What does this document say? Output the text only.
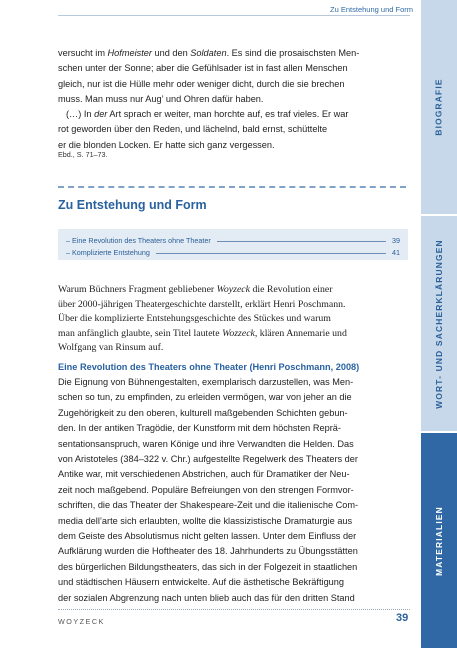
Zu Entstehung und Form
versucht im Hofmeister und den Soldaten. Es sind die prosaischsten Men-
schen unter der Sonne; aber die Gefühlsader ist in fast allen Menschen
gleich, nur ist die Hülle mehr oder weniger dicht, durch die sie brechen
muss. Man muss nur Aug’ und Ohren dafür haben.
(…) In der Art sprach er weiter, man horchte auf, es traf vieles. Er war
rot geworden über den Reden, und lächelnd, bald ernst, schüttelte
er die blonden Locken. Er hatte sich ganz vergessen.
Ebd., S. 71–73.
Zu Entstehung und Form
– Eine Revolution des Theaters ohne Theater	39
– Komplizierte Entstehung	41
Warum Büchners Fragment gebliebener Woyzeck die Revolution einer
über 2000-jährigen Theatergeschichte darstellt, erklärt Henri Poschmann.
Über die komplizierte Entstehungsgeschichte des Stückes und warum
man anfänglich glaubte, sein Titel lautete Wozzeck, klären Annemarie und
Wolfgang van Rinsum auf.
Eine Revolution des Theaters ohne Theater (Henri Poschmann, 2008)
Die Eignung von Bühnengestalten, exemplarisch darzustellen, was Men-
schen so tun, zu empfinden, zu erleiden vermögen, war von jeher an die
Zugehörigkeit zu den oberen, kulturell maßgebenden Schichten gebun-
den. In der antiken Tragödie, der Kunstform mit dem höchsten Reprä-
sentationsanspruch, waren Könige und ihre Verwandten die Helden. Das
von Aristoteles (384–322 v. Chr.) aufgestellte Regelwerk des Theaters der
Antike war, mit verschiedenen Abstrichen, auch für Dramatiker der Neu-
zeit noch maßgebend. Populäre Befreiungen von den strengen Formvor-
schriften, die das Theater der Shakespeare-Zeit und die italienische Com-
media dell’arte sich erlaubten, wollte die klassizistische Dramaturgie aus
dem Geiste des Absolutismus nicht gelten lassen. Unter dem Einfluss der
Aufklärung wurden die Hoftheater des 18. Jahrhunderts zu Übungsstätten
des bürgerlichen Bildungstheaters, das sich in der Folgezeit in staatlichen
und städtischen Häusern entwickelte. Auf die ästhetische Bekräftigung
der sozialen Abgrenzung nach unten blieb auch das für den dritten Stand
WOYZECK	39
BIOGRAFIE
WORT- UND SACHERKLÄRUNGEN
MATERIALIEN
